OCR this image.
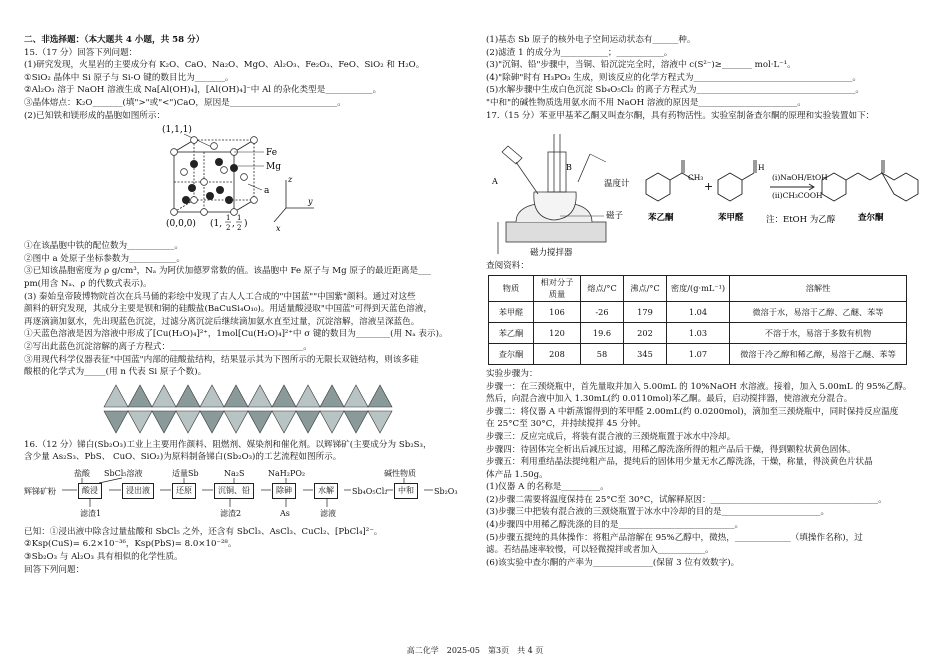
二、非选择题：（本大题共 4 小题，共 58 分）
15.（17 分）回答下列问题：
(1)研究发现，火星岩的主要成分有 K₂O、CaO、Na₂O、MgO、Al₂O₃、Fe₂O₃、FeO、SiO₂ 和 H₂O。
①SiO₂ 晶体中 Si 原子与 Si-O 键的数目比为_______。
②Al₂O₃ 溶于 NaOH 溶液生成 Na[Al(OH)₄]，[Al(OH)₄]⁻中 Al 的杂化类型是___________。
③晶体熔点：K₂O_______(填">"或"<")CaO，原因是_________________________。
(2)已知铁和镁形成的晶胞如图所示：
(1,1,1)
Fe
Mg
a
(0,0,0) (1,
1
2 ,
1
2 )
z
y
x
①在该晶胞中铁的配位数为___________。
②图中 a 处原子坐标参数为___________。
③已知该晶胞密度为 ρ g/cm³，Nₐ 为阿伏加德罗常数的值。该晶胞中 Fe 原子与 Mg 原子的最近距离是___
pm(用含 Nₐ、ρ 的代数式表示)。
(3) 秦始皇帝陵博物院首次在兵马俑的彩绘中发现了古人人工合成的"中国蓝""中国紫"颜料。通过对这些
颜料的研究发现，其成分主要是钡和铜的硅酸盐(BaCuSi₄O₁₀)。用适量酸浸取"中国蓝"可得到天蓝色溶液，
再逐滴滴加氨水，先出现蓝色沉淀，过滤分离沉淀后继续滴加氨水直至过量，沉淀溶解，溶液呈深蓝色。
①天蓝色溶液是因为溶液中形成了[Cu(H₂O)₄]²⁺，1mol[Cu(H₂O)₄]²⁺中 σ 键的数目为________(用 Nₐ 表示)。
②写出此蓝色沉淀溶解的离子方程式：_______________________________。
③用现代科学仪器表征"中国蓝"内部的硅酸盐结构，结果显示其为下图所示的无限长双链结构，则该多硅
酸根的化学式为_____(用 n 代表 Si 原子个数)。
16.（12 分）锑白(Sb₂O₃)工业上主要用作颜料、阻燃剂、媒染剂和催化剂。以辉锑矿(主要成分为 Sb₂S₃，
含少量 As₂S₃、PbS、 CuO、SiO₂)为原料制备锑白(Sb₂O₃)的工艺流程如图所示。
盐酸 SbCl₅溶液	适量Sb	Na₂S	NaH₂PO₂	碱性物质
辉锑矿粉	酸浸	浸出液	还原	沉铜、铅	除砷	水解	Sb₄O₅Cl₂	中和	Sb₂O₃
滤渣1	滤渣2	As	滤液
已知：①浸出液中除含过量盐酸和 SbCl₅ 之外，还含有 SbCl₃、AsCl₃、CuCl₂、[PbCl₄]²⁻。
②Ksp(CuS)= 6.2×10⁻³⁶，Ksp(PbS)= 8.0×10⁻²⁸。
③Sb₂O₃ 与 Al₂O₃ 具有相似的化学性质。
回答下列问题：
(1)基态 Sb 原子的核外电子空间运动状态有______种。
(2)滤渣 1 的成分为___________；___________。
(3)"沉铜、铅"步骤中，当铜、铅沉淀完全时，溶液中 c(S²⁻)≥_______ mol·L⁻¹。
(4)"除砷"时有 H₃PO₃ 生成，则该反应的化学方程式为_____________________________________。
(5)水解步骤中生成白色沉淀 Sb₄O₅Cl₂ 的离子方程式为_____________________________________。
"中和"的碱性物质选用氨水而不用 NaOH 溶液的原因是_______________________。
17.（15 分）苯亚甲基苯乙酮又叫查尔酮，具有药物活性。实验室制备查尔酮的原理和实验装置如下：
A
B
温度计
磁子
磁力搅拌器
CH₃
+
H
(i)NaOH/EtOH
(ii)CH₃COOH
苯乙酮	苯甲醛	注：EtOH 为乙醇	查尔酮
查阅资料：
物质	相对分子质量	熔点/°C	沸点/°C	密度/(g·mL⁻¹)	溶解性
苯甲醛	106	-26	179	1.04	微溶于水，易溶于乙醇、乙醚、苯等
苯乙酮	120	19.6	202	1.03	不溶于水，易溶于多数有机物
查尔酮	208	58	345	1.07	微溶于冷乙醇和稀乙醇，易溶于乙醚、苯等
实验步骤为：
步骤一：在三颈烧瓶中，首先量取并加入 5.00mL 的 10%NaOH 水溶液。接着，加入 5.00mL 的 95%乙醇。
然后，向混合液中加入 1.30mL(约 0.0110mol)苯乙酮。最后，启动搅拌器，使溶液充分混合。
步骤二：将仪器 A 中新蒸馏得到的苯甲醛 2.00mL(约 0.0200mol)，滴加至三颈烧瓶中，同时保持反应温度
在 25°C至 30°C，并持续搅拌 45 分钟。
步骤三：反应完成后，将装有混合液的三颈烧瓶置于冰水中冷却。
步骤四：待固体完全析出后减压过滤，用稀乙醇洗涤所得的粗产品后干燥，得到颗粒状黄色固体。
步骤五：利用重结晶法提纯粗产品，提纯后的固体用少量无水乙醇洗涤，干燥，称量，得淡黄色片状晶
体产品 1.50g。
(1)仪器 A 的名称是_________。
(2)步骤二需要将温度保持在 25°C至 30°C，试解释原因：_______________________________________。
(3)步骤三中把装有混合液的三颈烧瓶置于冰水中冷却的目的是_______________________。
(4)步骤四中用稀乙醇洗涤的目的是___________________________。
(5)步骤五提纯的具体操作：将粗产品溶解在 95%乙醇中，微热，_____________（填操作名称)，过
滤。若结晶速率较慢，可以轻微搅拌或者加入___________。
(6)该实验中查尔酮的产率为______________(保留 3 位有效数字)。
高二化学　2025-05　第3页　共 4 页
